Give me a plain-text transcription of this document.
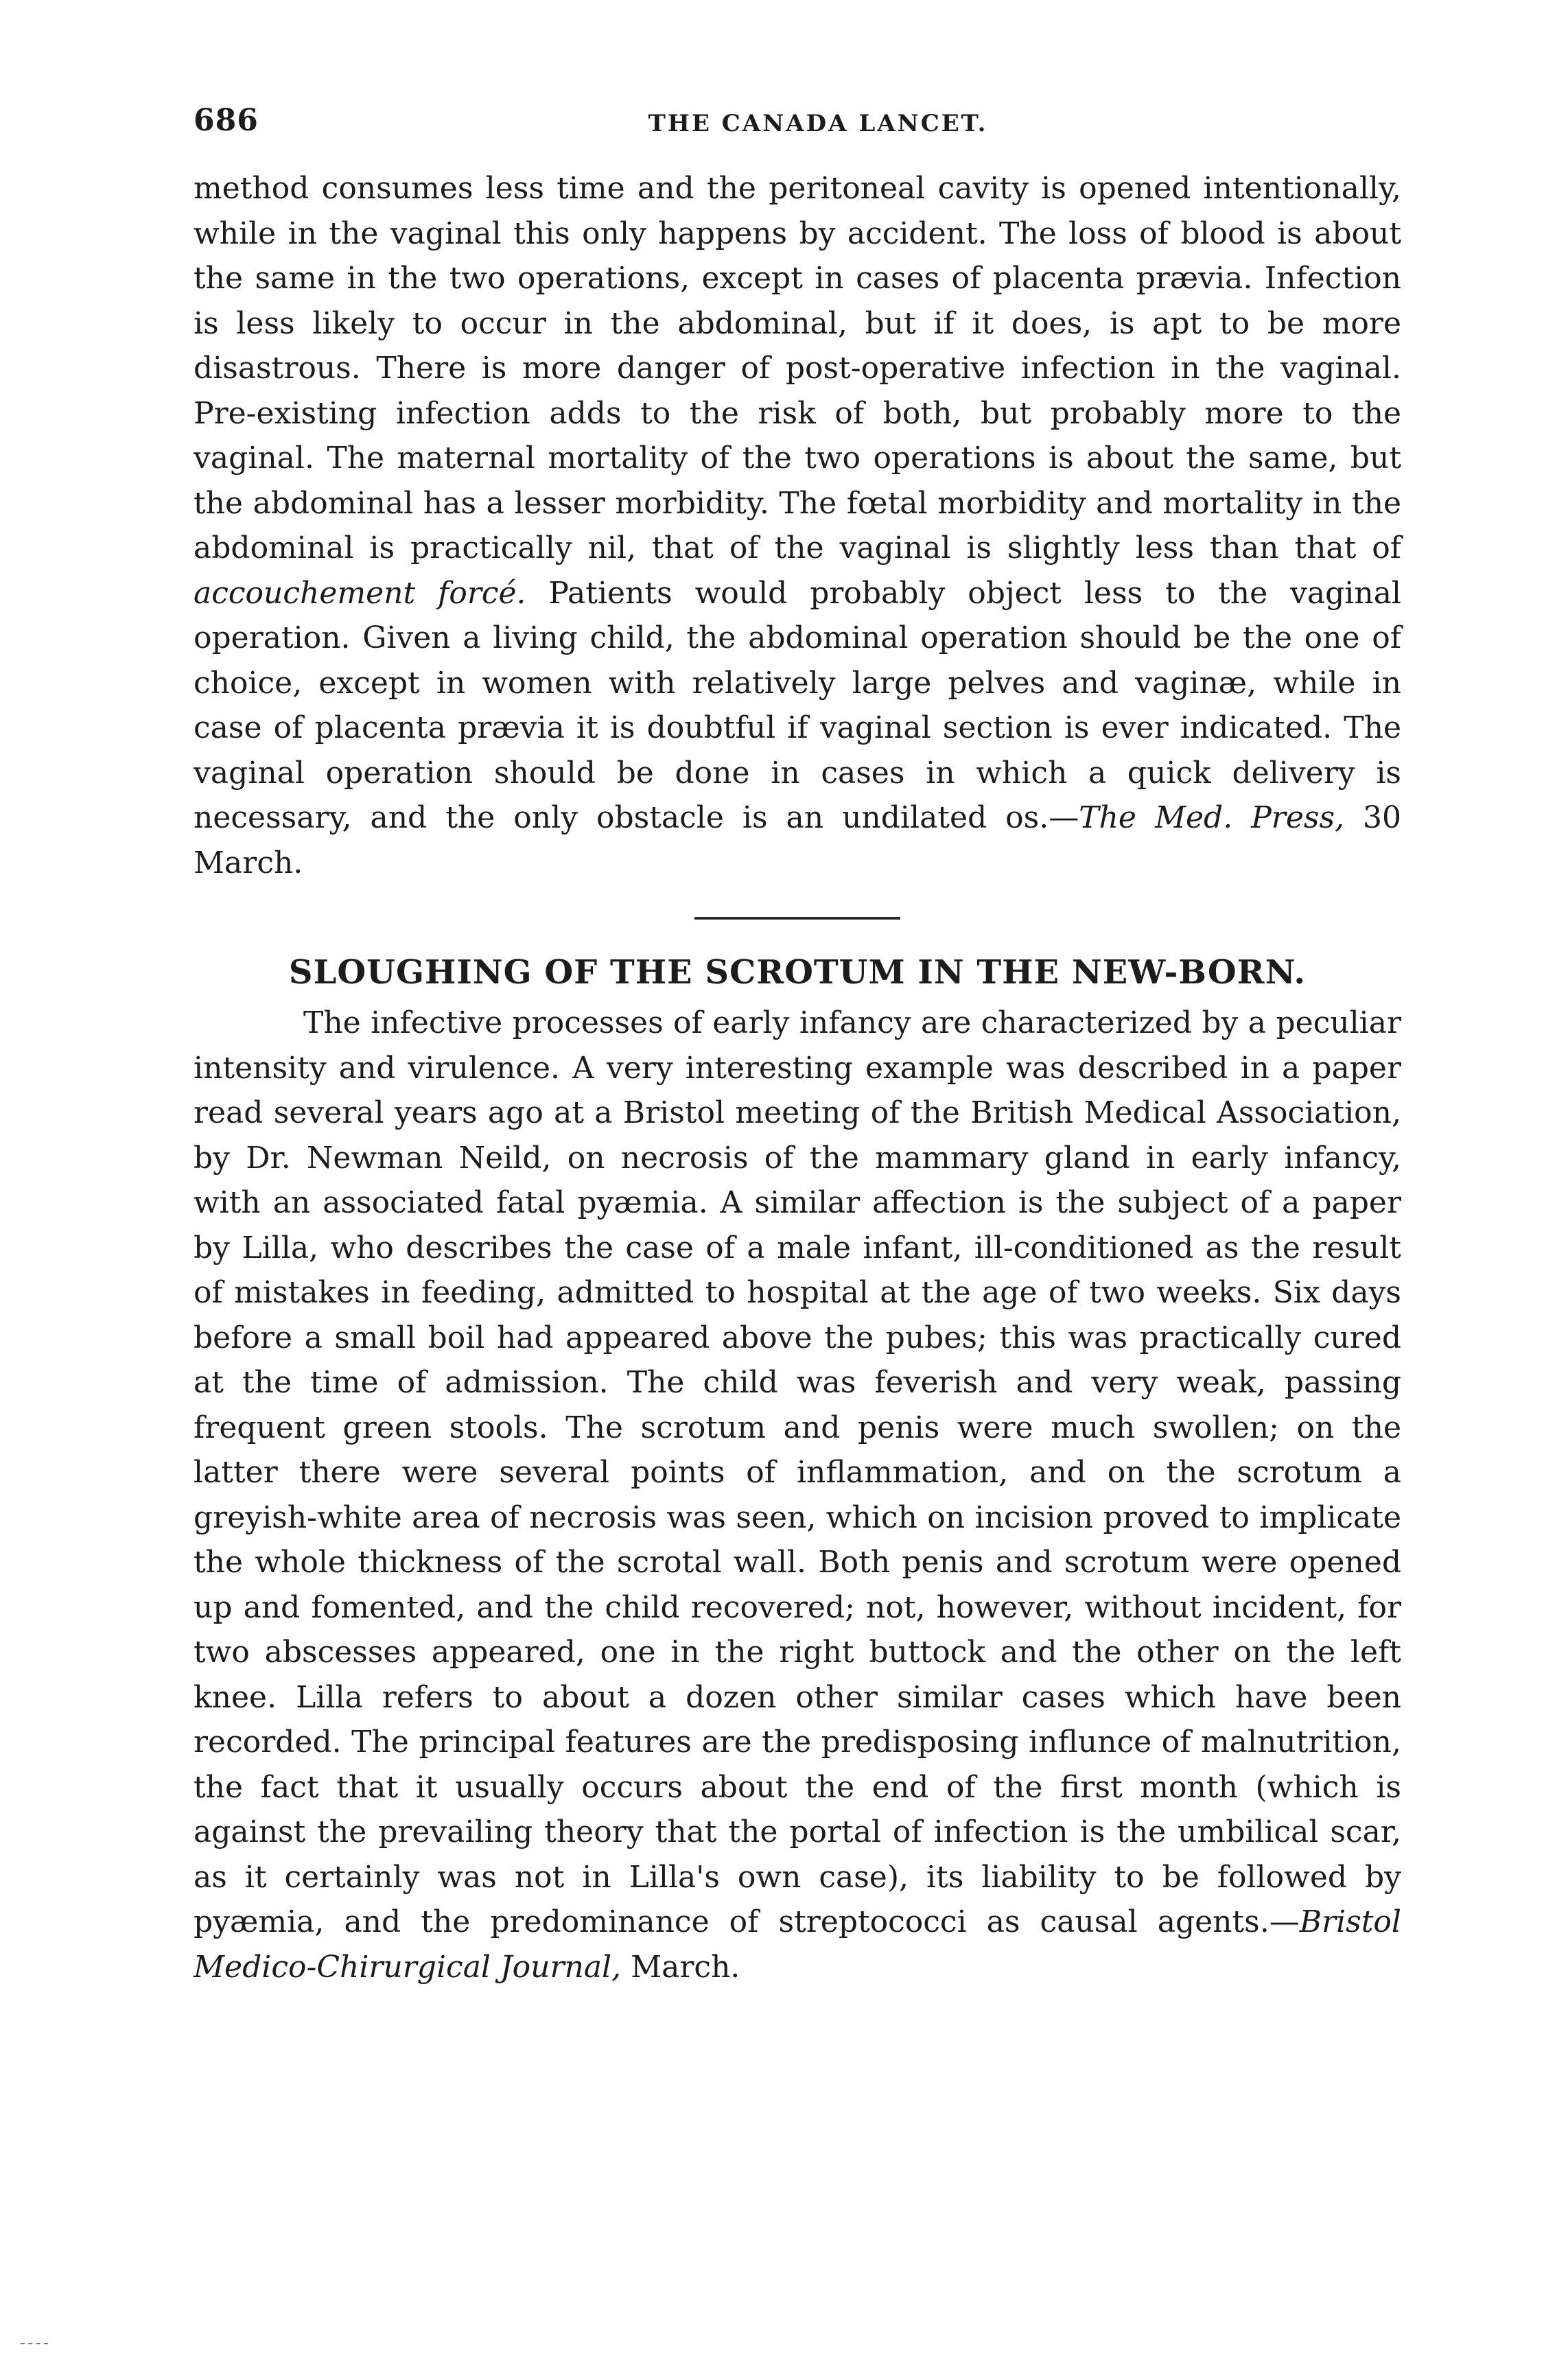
686	THE CANADA LANCET.

method consumes less time and the peritoneal cavity is opened intentionally, while in the vaginal this only happens by accident. The loss of blood is about the same in the two operations, except in cases of placenta prævia. Infection is less likely to occur in the abdominal, but if it does, is apt to be more disastrous. There is more danger of post-operative infection in the vaginal. Pre-existing infection adds to the risk of both, but probably more to the vaginal. The maternal mortality of the two operations is about the same, but the abdominal has a lesser morbidity. The fœtal morbidity and mortality in the abdominal is practically nil, that of the vaginal is slightly less than that of accouchement forcé. Patients would probably object less to the vaginal operation. Given a living child, the abdominal operation should be the one of choice, except in women with relatively large pelves and vaginæ, while in case of placenta prævia it is doubtful if vaginal section is ever indicated. The vaginal operation should be done in cases in which a quick delivery is necessary, and the only obstacle is an undilated os.—The Med. Press, 30 March.

SLOUGHING OF THE SCROTUM IN THE NEW-BORN.

The infective processes of early infancy are characterized by a peculiar intensity and virulence. A very interesting example was described in a paper read several years ago at a Bristol meeting of the British Medical Association, by Dr. Newman Neild, on necrosis of the mammary gland in early infancy, with an associated fatal pyæmia. A similar affection is the subject of a paper by Lilla, who describes the case of a male infant, ill-conditioned as the result of mistakes in feeding, admitted to hospital at the age of two weeks. Six days before a small boil had appeared above the pubes; this was practically cured at the time of admission. The child was feverish and very weak, passing frequent green stools. The scrotum and penis were much swollen; on the latter there were several points of inflammation, and on the scrotum a greyish-white area of necrosis was seen, which on incision proved to implicate the whole thickness of the scrotal wall. Both penis and scrotum were opened up and fomented, and the child recovered; not, however, without incident, for two abscesses appeared, one in the right buttock and the other on the left knee. Lilla refers to about a dozen other similar cases which have been recorded. The principal features are the predisposing influnce of malnutrition, the fact that it usually occurs about the end of the first month (which is against the prevailing theory that the portal of infection is the umbilical scar, as it certainly was not in Lilla's own case), its liability to be followed by pyæmia, and the predominance of streptococci as causal agents.—Bristol Medico-Chirurgical Journal, March.
